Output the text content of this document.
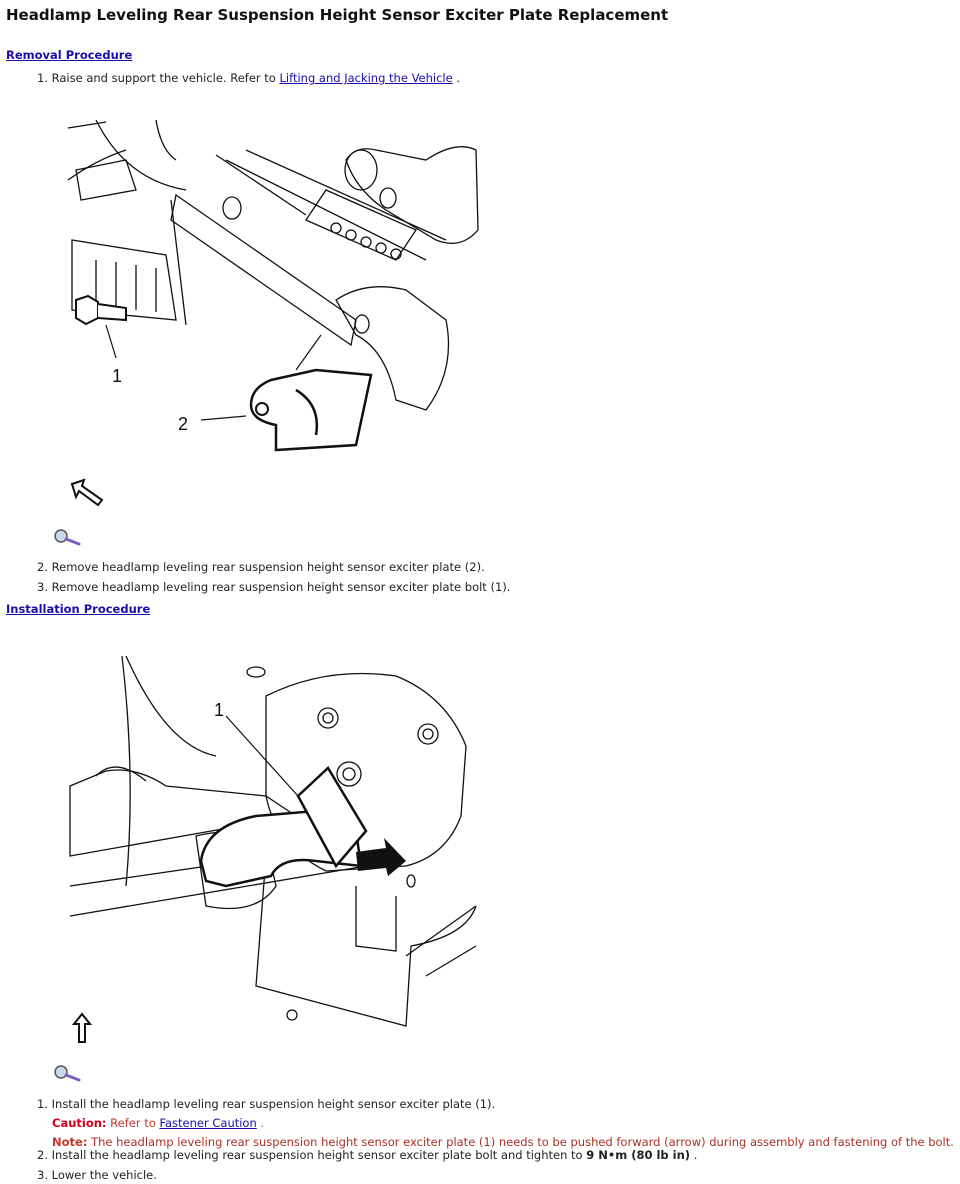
Headlamp Leveling Rear Suspension Height Sensor Exciter Plate Replacement
Removal Procedure
1. Raise and support the vehicle. Refer to Lifting and Jacking the Vehicle .
1
2
2. Remove headlamp leveling rear suspension height sensor exciter plate (2).
3. Remove headlamp leveling rear suspension height sensor exciter plate bolt (1).
Installation Procedure
1
1. Install the headlamp leveling rear suspension height sensor exciter plate (1).
Caution: Refer to Fastener Caution .
Note: The headlamp leveling rear suspension height sensor exciter plate (1) needs to be pushed forward (arrow) during assembly and fastening of the bolt.
2. Install the headlamp leveling rear suspension height sensor exciter plate bolt and tighten to 9 N•m (80 lb in) .
3. Lower the vehicle.
